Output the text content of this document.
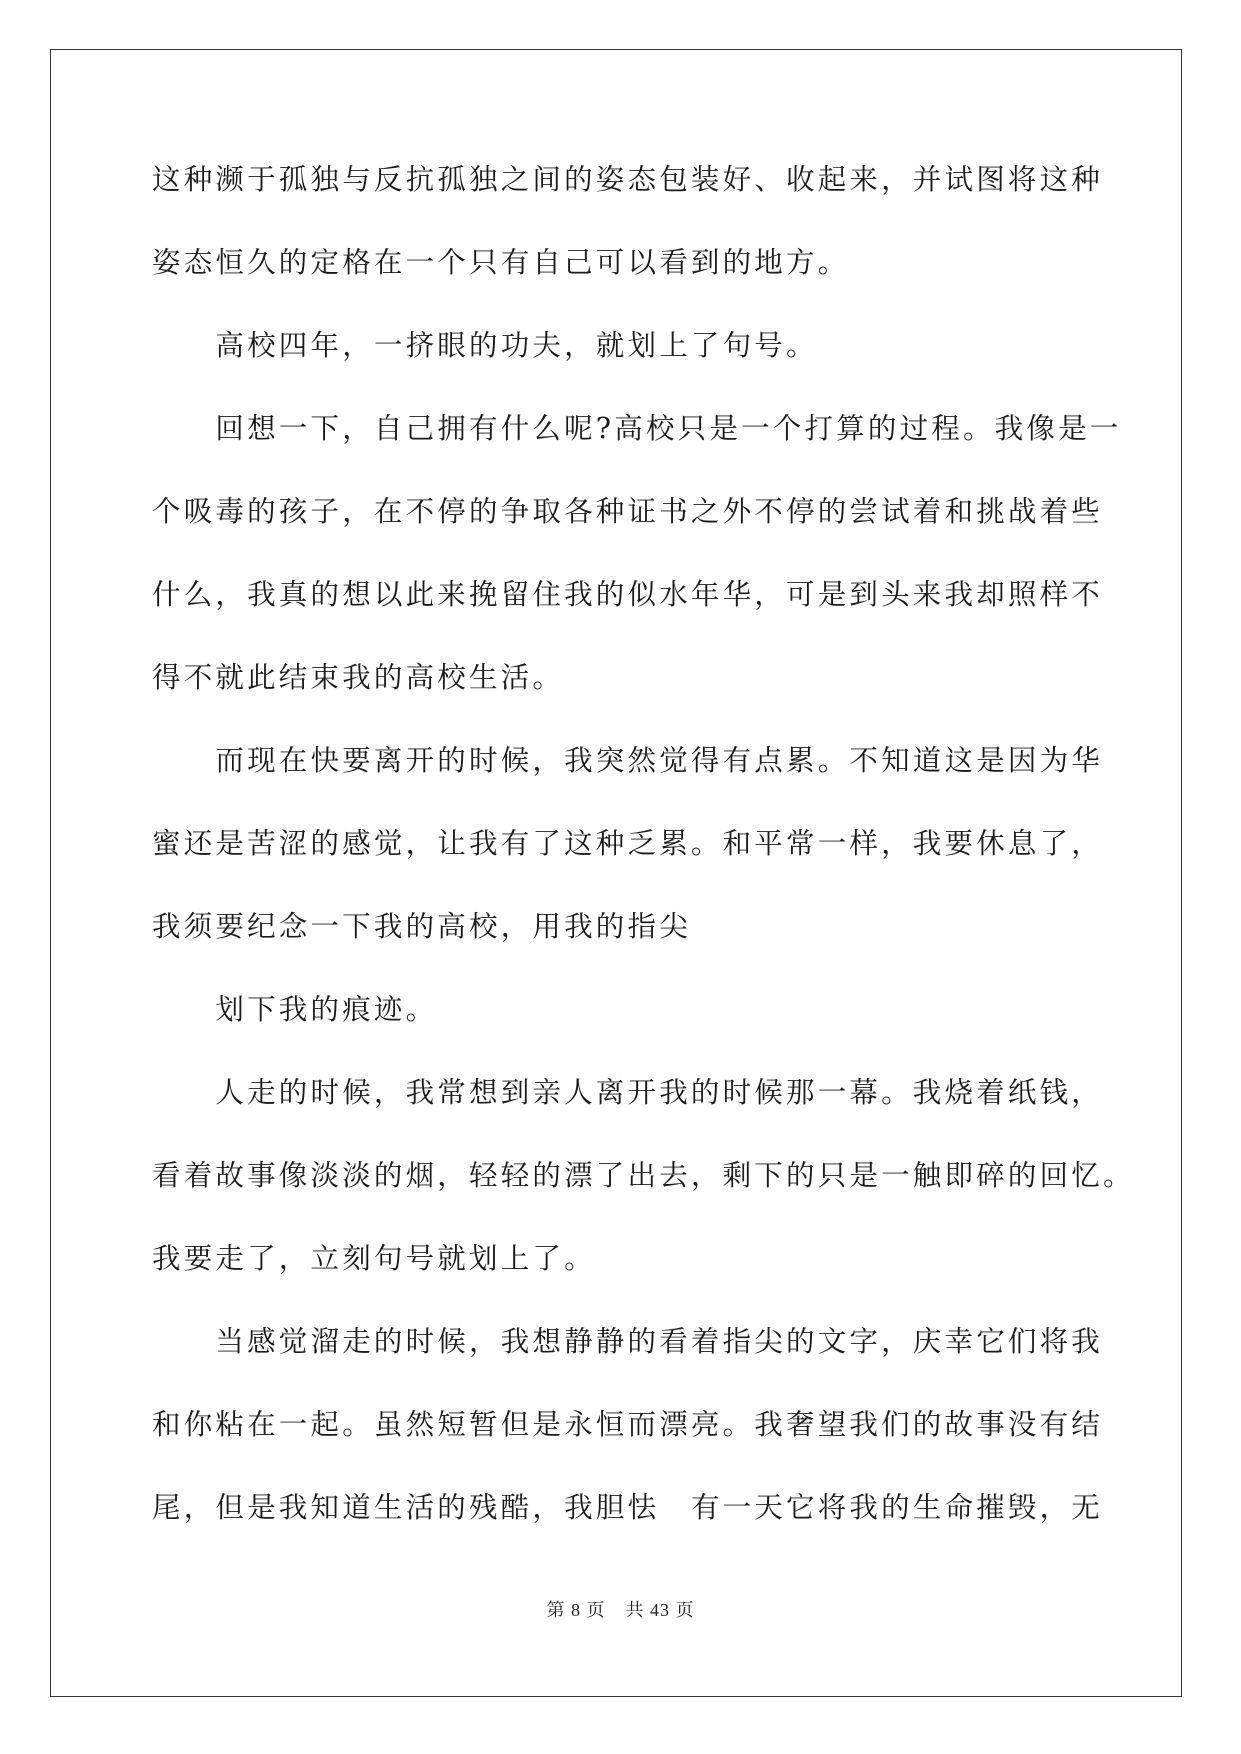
这种濒于孤独与反抗孤独之间的姿态包装好、收起来，并试图将这种
姿态恒久的定格在一个只有自己可以看到的地方。
　　高校四年，一挤眼的功夫，就划上了句号。
　　回想一下，自己拥有什么呢?高校只是一个打算的过程。我像是一
个吸毒的孩子，在不停的争取各种证书之外不停的尝试着和挑战着些
什么，我真的想以此来挽留住我的似水年华，可是到头来我却照样不
得不就此结束我的高校生活。
　　而现在快要离开的时候，我突然觉得有点累。不知道这是因为华
蜜还是苦涩的感觉，让我有了这种乏累。和平常一样，我要休息了，
我须要纪念一下我的高校，用我的指尖
　　划下我的痕迹。
　　人走的时候，我常想到亲人离开我的时候那一幕。我烧着纸钱，
看着故事像淡淡的烟，轻轻的漂了出去，剩下的只是一触即碎的回忆。
我要走了，立刻句号就划上了。
　　当感觉溜走的时候，我想静静的看着指尖的文字，庆幸它们将我
和你粘在一起。虽然短暂但是永恒而漂亮。我奢望我们的故事没有结
尾，但是我知道生活的残酷，我胆怯　有一天它将我的生命摧毁，无
第 8 页 共 43 页
